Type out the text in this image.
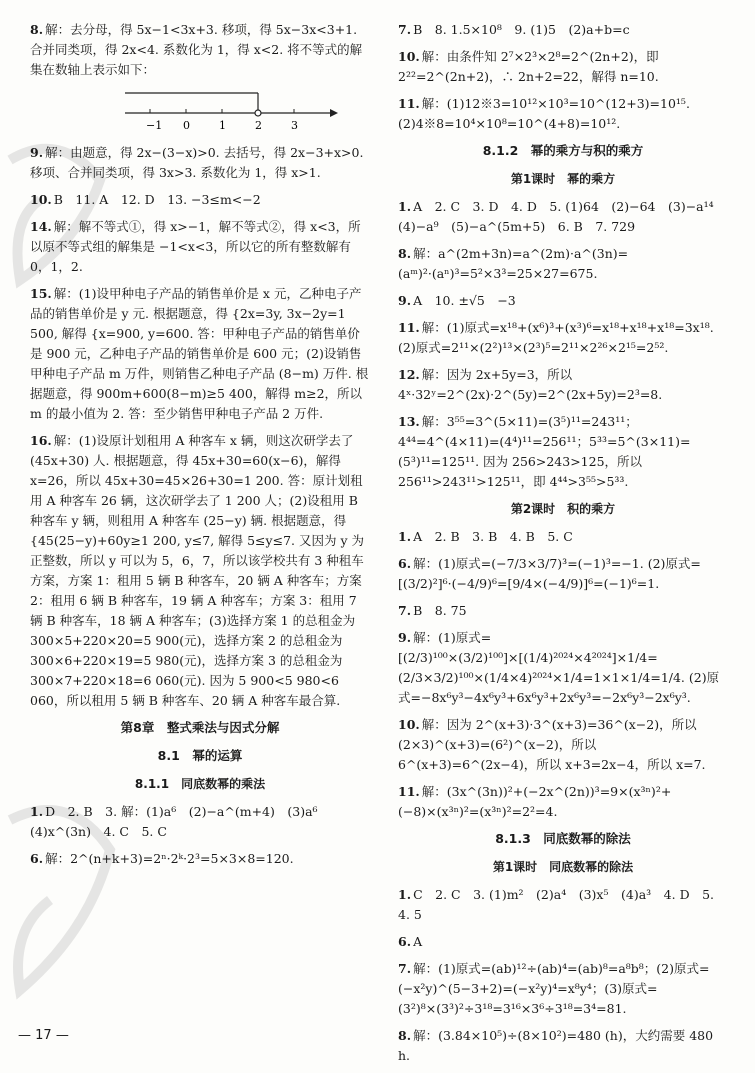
8. 解：去分母，得 5x−1<3x+3. 移项，得 5x−3x<3+1. 合并同类项，得 2x<4. 系数化为 1，得 x<2. 将不等式的解集在数轴上表示如下：
−1 0	1	2	3
9. 解：由题意，得 2x−(3−x)>0. 去括号，得 2x−3+x>0. 移项、合并同类项，得 3x>3. 系数化为 1，得 x>1.
10. B　11. A　12. D　13. −3≤m<−2
14. 解：解不等式①，得 x>−1，解不等式②，得 x<3，所以原不等式组的解集是 −1<x<3，所以它的所有整数解有 0，1，2.
15. 解：(1)设甲种电子产品的销售单价是 x 元，乙种电子产品的销售单价是 y 元. 根据题意，得 {2x=3y, 3x−2y=1 500, 解得 {x=900, y=600. 答：甲种电子产品的销售单价是 900 元，乙种电子产品的销售单价是 600 元；(2)设销售甲种电子产品 m 万件，则销售乙种电子产品 (8−m) 万件. 根据题意，得 900m+600(8−m)≥5 400，解得 m≥2，所以 m 的最小值为 2. 答：至少销售甲种电子产品 2 万件.
16. 解：(1)设原计划租用 A 种客车 x 辆，则这次研学去了 (45x+30) 人. 根据题意，得 45x+30=60(x−6)，解得 x=26，所以 45x+30=45×26+30=1 200. 答：原计划租用 A 种客车 26 辆，这次研学去了 1 200 人；(2)设租用 B 种客车 y 辆，则租用 A 种客车 (25−y) 辆. 根据题意，得 {45(25−y)+60y≥1 200, y≤7, 解得 5≤y≤7. 又因为 y 为正整数，所以 y 可以为 5，6，7，所以该学校共有 3 种租车方案，方案 1：租用 5 辆 B 种客车，20 辆 A 种客车；方案 2：租用 6 辆 B 种客车，19 辆 A 种客车；方案 3：租用 7 辆 B 种客车，18 辆 A 种客车；(3)选择方案 1 的总租金为 300×5+220×20=5 900(元)，选择方案 2 的总租金为 300×6+220×19=5 980(元)，选择方案 3 的总租金为 300×7+220×18=6 060(元). 因为 5 900<5 980<6 060，所以租用 5 辆 B 种客车、20 辆 A 种客车最合算.
第8章　整式乘法与因式分解
8.1　幂的运算
8.1.1　同底数幂的乘法
1. D　2. B　3. 解：(1)a⁶　(2)−a^(m+4)　(3)a⁶　(4)x^(3n)　4. C　5. C
6. 解：2^(n+k+3)=2ⁿ·2ᵏ·2³=5×3×8=120.
7. B　8. 1.5×10⁸　9. (1)5　(2)a+b=c
10. 解：由条件知 2⁷×2³×2⁸=2^(2n+2)，即 2²²=2^(2n+2)，∴ 2n+2=22，解得 n=10.
11. 解：(1)12※3=10¹²×10³=10^(12+3)=10¹⁵. (2)4※8=10⁴×10⁸=10^(4+8)=10¹².
8.1.2　幂的乘方与积的乘方
第1课时　幂的乘方
1. A　2. C　3. D　4. D　5. (1)64　(2)−64　(3)−a¹⁴　(4)−a⁹　(5)−a^(5m+5)　6. B　7. 729
8. 解：a^(2m+3n)=a^(2m)·a^(3n)=(aᵐ)²·(aⁿ)³=5²×3³=25×27=675.
9. A　10. ±√5　−3
11. 解：(1)原式=x¹⁸+(x⁶)³+(x³)⁶=x¹⁸+x¹⁸+x¹⁸=3x¹⁸. (2)原式=2¹¹×(2²)¹³×(2³)⁵=2¹¹×2²⁶×2¹⁵=2⁵².
12. 解：因为 2x+5y=3，所以 4ˣ·32ʸ=2^(2x)·2^(5y)=2^(2x+5y)=2³=8.
13. 解：3⁵⁵=3^(5×11)=(3⁵)¹¹=243¹¹；4⁴⁴=4^(4×11)=(4⁴)¹¹=256¹¹；5³³=5^(3×11)=(5³)¹¹=125¹¹. 因为 256>243>125，所以 256¹¹>243¹¹>125¹¹，即 4⁴⁴>3⁵⁵>5³³.
第2课时　积的乘方
1. A　2. B　3. B　4. B　5. C
6. 解：(1)原式=(−7/3×3/7)³=(−1)³=−1. (2)原式=[(3/2)²]⁶·(−4/9)⁶=[9/4×(−4/9)]⁶=(−1)⁶=1.
7. B　8. 75
9. 解：(1)原式=[(2/3)¹⁰⁰×(3/2)¹⁰⁰]×[(1/4)²⁰²⁴×4²⁰²⁴]×1/4=(2/3×3/2)¹⁰⁰×(1/4×4)²⁰²⁴×1/4=1×1×1/4=1/4. (2)原式=−8x⁶y³−4x⁶y³+6x⁶y³+2x⁶y³=−2x⁶y³−2x⁶y³.
10. 解：因为 2^(x+3)·3^(x+3)=36^(x−2)，所以(2×3)^(x+3)=(6²)^(x−2)，所以 6^(x+3)=6^(2x−4)，所以 x+3=2x−4，所以 x=7.
11. 解：(3x^(3n))²+(−2x^(2n))³=9×(x³ⁿ)²+(−8)×(x³ⁿ)²=(x³ⁿ)²=2²=4.
8.1.3　同底数幂的除法
第1课时　同底数幂的除法
1. C　2. C　3. (1)m²　(2)a⁴　(3)x⁵　(4)a³　4. D　5. 4. 5
6. A
7. 解：(1)原式=(ab)¹²÷(ab)⁴=(ab)⁸=a⁸b⁸；(2)原式=(−x²y)^(5−3+2)=(−x²y)⁴=x⁸y⁴；(3)原式=(3²)⁸×(3³)²÷3¹⁸=3¹⁶×3⁶÷3¹⁸=3⁴=81.
8. 解：(3.84×10⁵)÷(8×10²)=480 (h)，大约需要 480 h.
— 17 —
